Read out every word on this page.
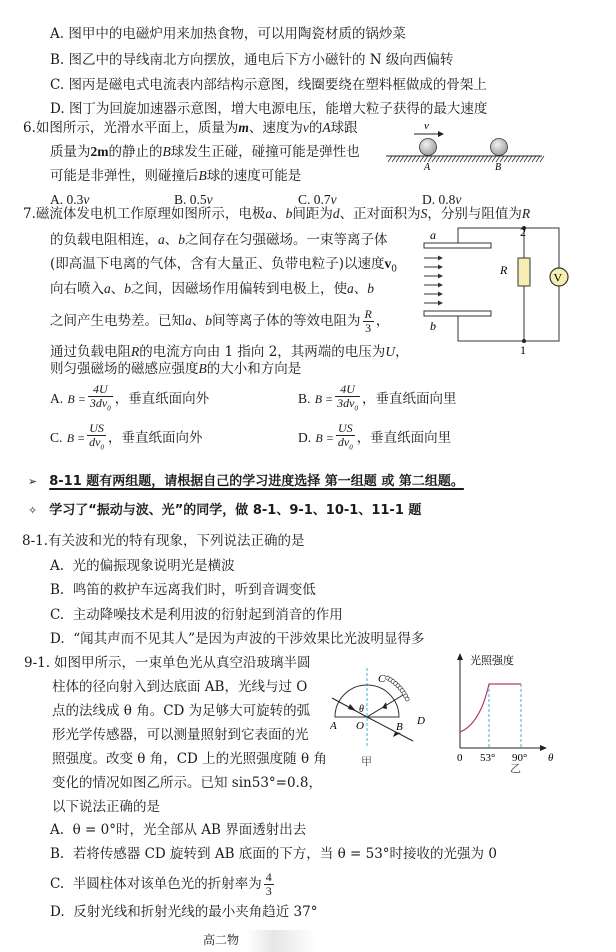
A. 图甲中的电磁炉用来加热食物，可以用陶瓷材质的锅炒菜
B. 图乙中的导线南北方向摆放，通电后下方小磁针的 N 级向西偏转
C. 图丙是磁电式电流表内部结构示意图，线圈要绕在塑料框做成的骨架上
D. 图丁为回旋加速器示意图，增大电源电压，能增大粒子获得的最大速度
6.如图所示，光滑水平面上，质量为m、速度为v的A球跟
质量为2m的静止的B球发生正碰，碰撞可能是弹性也
可能是非弹性，则碰撞后B球的速度可能是
A. 0.3v	B. 0.5v	C. 0.7v	D. 0.8v
v
A	B
7.磁流体发电机工作原理如图所示，电极a、b间距为d、正对面积为S，分别与阻值为R
的负载电阻相连，a、b之间存在匀强磁场。一束等离子体
(即高温下电离的气体，含有大量正、负带电粒子)以速度$v_0$
向右喷入a、b之间，因磁场作用偏转到电极上，使a、b
之间产生电势差。已知a、b间等离子体的等效电阻为 $\frac{R}{3}$ ，
通过负载电阻R的电流方向由 1 指向 2，其两端的电压为U，
则匀强磁场的磁感应强度B的大小和方向是
A. $B = \frac{4U}{3dv_0}$ ，垂直纸面向外	B. $B = \frac{4U}{3dv_0}$ ，垂直纸面向里
C. $B = \frac{US}{dv_0}$ ，垂直纸面向外	D. $B = \frac{US}{dv_0}$ ，垂直纸面向里
a
b
R
V
2
1
➢ 8-11 题有两组题，请根据自己的学习进度选择 第一组题 或 第二组题。
✧ 学习了“振动与波、光”的同学，做 8-1、9-1、10-1、11-1 题
8-1.有关波和光的特有现象，下列说法正确的是
A. 光的偏振现象说明光是横波
B. 鸣笛的救护车远离我们时，听到音调变低
C. 主动降噪技术是利用波的衍射起到消音的作用
D. “闻其声而不见其人”是因为声波的干涉效果比光波明显得多
9-1. 如图甲所示，一束单色光从真空沿玻璃半圆
柱体的径向射入到达底面 AB，光线与过 O
点的法线成 θ 角。CD 为足够大可旋转的弧
形光学传感器，可以测量照射到它表面的光
照强度。改变 θ 角，CD 上的光照强度随 θ 角
变化的情况如图乙所示。已知 sin53°=0.8，
以下说法正确的是
A. θ = 0°时，光全部从 AB 界面透射出去
B. 若将传感器 CD 旋转到 AB 底面的下方，当 θ = 53°时接收的光强为 0
C. 半圆柱体对该单色光的折射率为 $\frac{4}{3}$
D. 反射光线和折射光线的最小夹角趋近 37°
A	B
C
D
O
θ
甲
光照强度
0 53° 90° θ
乙
高二物
